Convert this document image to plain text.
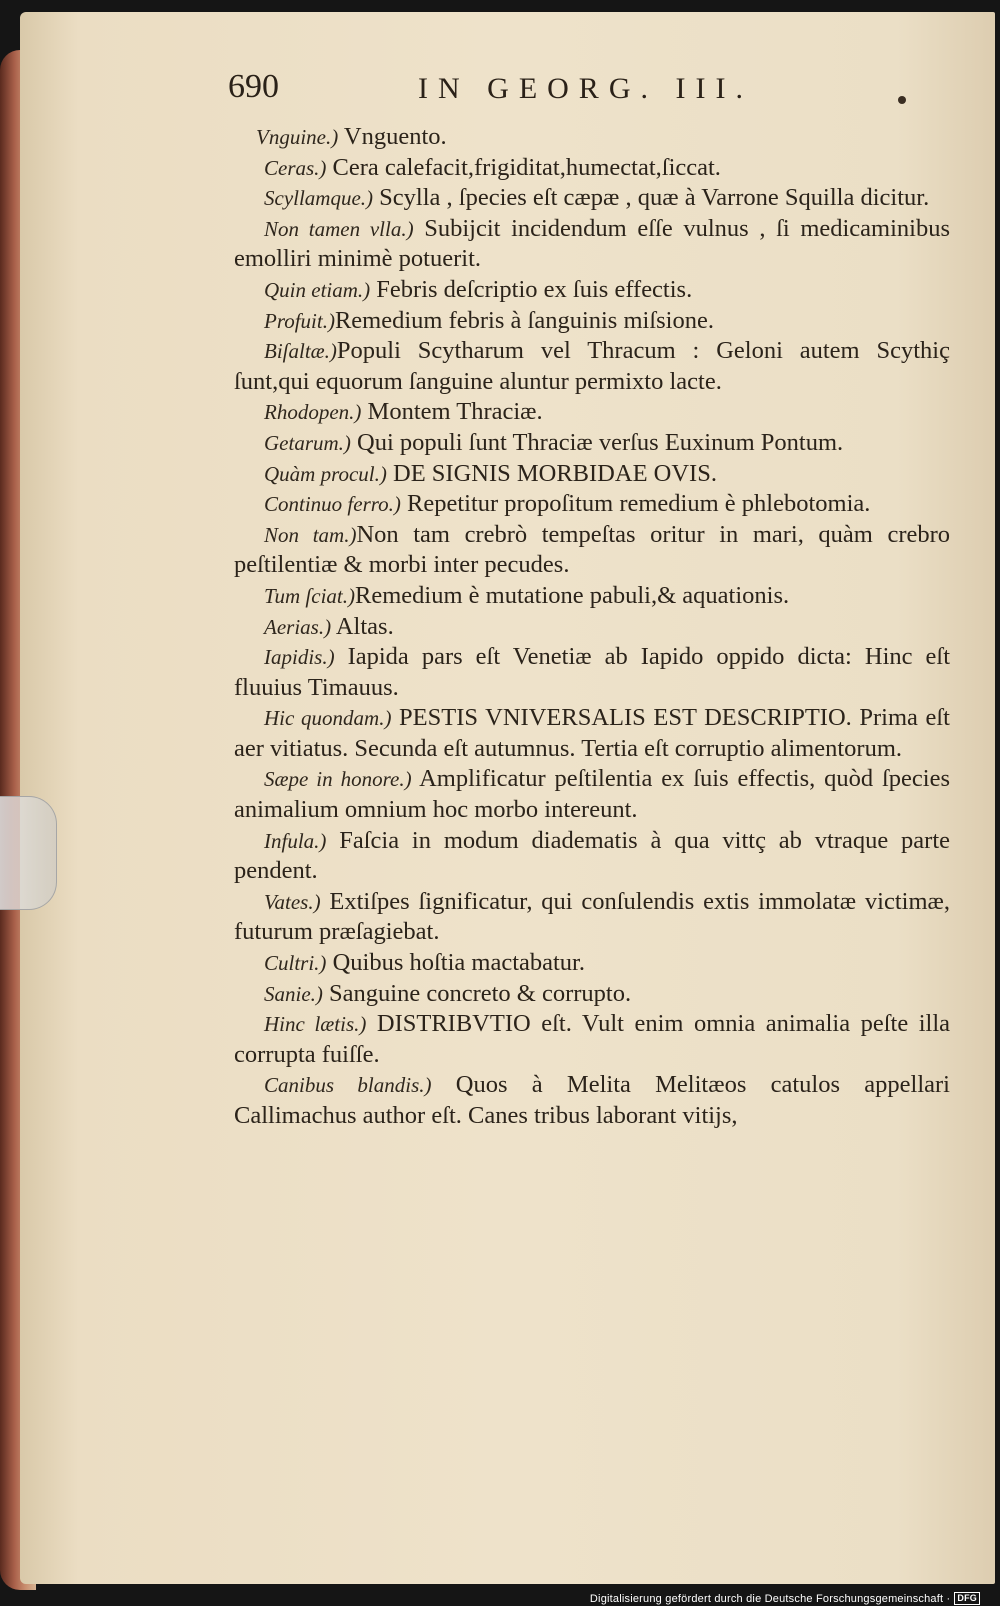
690	IN GEORG. III.

Vnguine.) Vnguento.

Ceras.) Cera calefacit,frigiditat,humectat,ſiccat.

Scyllamque.) Scylla , ſpecies eſt cæpæ , quæ à Varrone Squilla dicitur.

Non tamen vlla.) Subijcit incidendum eſſe vulnus , ſi medicaminibus emolliri minimè potuerit.

Quin etiam.) Febris deſcriptio ex ſuis effectis.

Profuit.)Remedium febris à ſanguinis miſsione.

Biſaltæ.)Populi Scytharum vel Thracum : Geloni autem Scythiç ſunt,qui equorum ſanguine aluntur permixto lacte.

Rhodopen.) Montem Thraciæ.

Getarum.) Qui populi ſunt Thraciæ verſus Euxinum Pontum.

Quàm procul.) DE SIGNIS MORBIDAE OVIS.

Continuo ferro.) Repetitur propoſitum remedium è phlebotomia.

Non tam.)Non tam crebrò tempeſtas oritur in mari, quàm crebro peſtilentiæ & morbi inter pecudes.

Tum ſciat.)Remedium è mutatione pabuli,& aquationis.

Aerias.) Altas.

Iapidis.) Iapida pars eſt Venetiæ ab Iapido oppido dicta: Hinc eſt fluuius Timauus.

Hic quondam.) PESTIS VNIVERSALIS EST DESCRIPTIO. Prima eſt aer vitiatus. Secunda eſt autumnus. Tertia eſt corruptio alimentorum.

Sæpe in honore.) Amplificatur peſtilentia ex ſuis effectis, quòd ſpecies animalium omnium hoc morbo intereunt.

Infula.) Faſcia in modum diadematis à qua vittç ab vtraque parte pendent.

Vates.) Extiſpes ſignificatur, qui conſulendis extis immolatæ victimæ, futurum præſagiebat.

Cultri.) Quibus hoſtia mactabatur.

Sanie.) Sanguine concreto & corrupto.

Hinc lætis.) DISTRIBVTIO eſt. Vult enim omnia animalia peſte illa corrupta fuiſſe.

Canibus blandis.) Quos à Melita Melitæos catulos appellari Callimachus author eſt. Canes tribus laborant vitijs,

Digitalisierung gefördert durch die Deutsche Forschungsgemeinschaft · DFG
